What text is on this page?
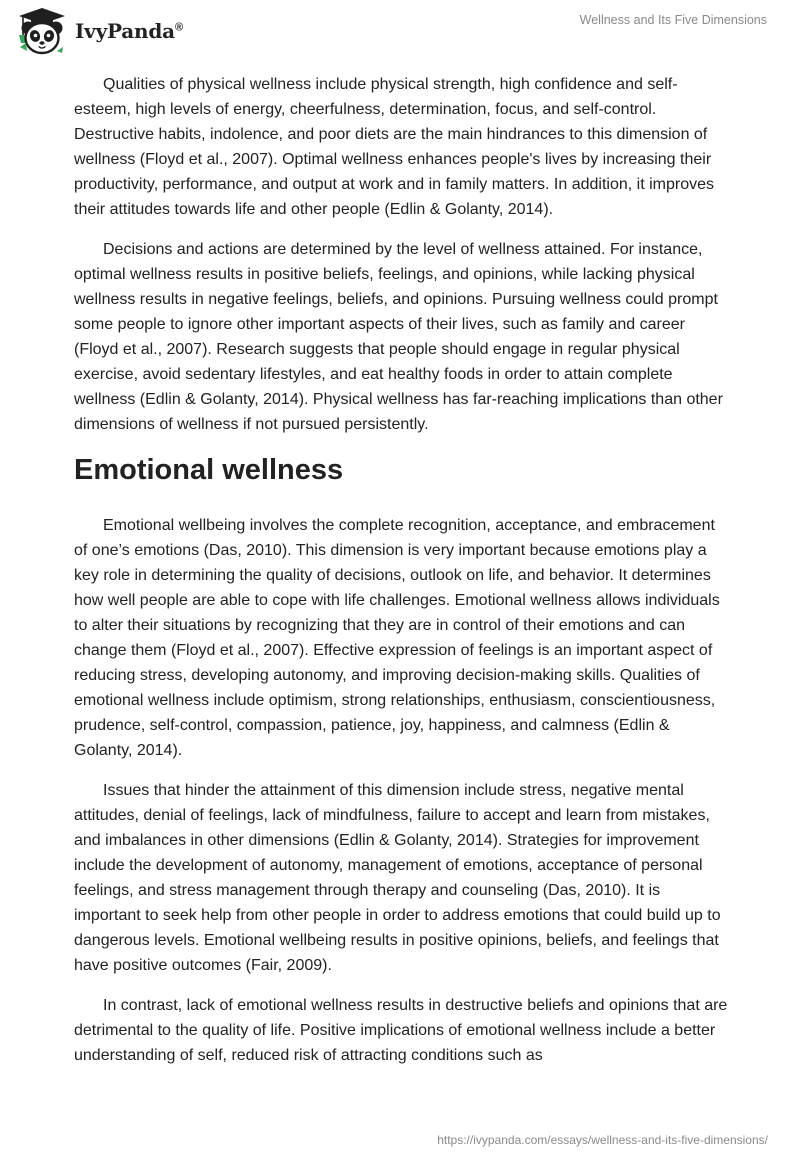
IvyPanda®
Wellness and Its Five Dimensions

Qualities of physical wellness include physical strength, high confidence and self-esteem, high levels of energy, cheerfulness, determination, focus, and self-control. Destructive habits, indolence, and poor diets are the main hindrances to this dimension of wellness (Floyd et al., 2007). Optimal wellness enhances people's lives by increasing their productivity, performance, and output at work and in family matters. In addition, it improves their attitudes towards life and other people (Edlin & Golanty, 2014).

Decisions and actions are determined by the level of wellness attained. For instance, optimal wellness results in positive beliefs, feelings, and opinions, while lacking physical wellness results in negative feelings, beliefs, and opinions. Pursuing wellness could prompt some people to ignore other important aspects of their lives, such as family and career (Floyd et al., 2007). Research suggests that people should engage in regular physical exercise, avoid sedentary lifestyles, and eat healthy foods in order to attain complete wellness (Edlin & Golanty, 2014). Physical wellness has far-reaching implications than other dimensions of wellness if not pursued persistently.

Emotional wellness

Emotional wellbeing involves the complete recognition, acceptance, and embracement of one’s emotions (Das, 2010). This dimension is very important because emotions play a key role in determining the quality of decisions, outlook on life, and behavior. It determines how well people are able to cope with life challenges. Emotional wellness allows individuals to alter their situations by recognizing that they are in control of their emotions and can change them (Floyd et al., 2007). Effective expression of feelings is an important aspect of reducing stress, developing autonomy, and improving decision-making skills. Qualities of emotional wellness include optimism, strong relationships, enthusiasm, conscientiousness, prudence, self-control, compassion, patience, joy, happiness, and calmness (Edlin & Golanty, 2014).

Issues that hinder the attainment of this dimension include stress, negative mental attitudes, denial of feelings, lack of mindfulness, failure to accept and learn from mistakes, and imbalances in other dimensions (Edlin & Golanty, 2014). Strategies for improvement include the development of autonomy, management of emotions, acceptance of personal feelings, and stress management through therapy and counseling (Das, 2010). It is important to seek help from other people in order to address emotions that could build up to dangerous levels. Emotional wellbeing results in positive opinions, beliefs, and feelings that have positive outcomes (Fair, 2009).

In contrast, lack of emotional wellness results in destructive beliefs and opinions that are detrimental to the quality of life. Positive implications of emotional wellness include a better understanding of self, reduced risk of attracting conditions such as

https://ivypanda.com/essays/wellness-and-its-five-dimensions/
